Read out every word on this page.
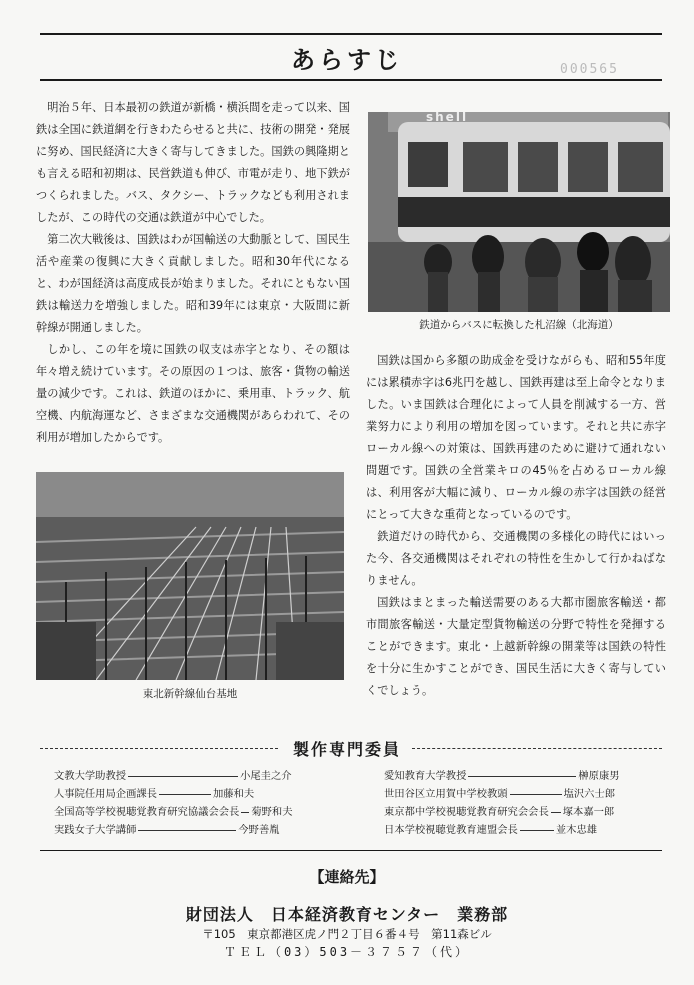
あらすじ	000565

明治５年、日本最初の鉄道が新橋・横浜間を走って以来、国鉄は全国に鉄道網を行きわたらせると共に、技術の開発・発展に努め、国民経済に大きく寄与してきました。国鉄の興隆期とも言える昭和初期は、民営鉄道も伸び、市電が走り、地下鉄がつくられました。バス、タクシー、トラックなども利用されましたが、この時代の交通は鉄道が中心でした。

第二次大戦後は、国鉄はわが国輸送の大動脈として、国民生活や産業の復興に大きく貢献しました。昭和30年代になると、わが国経済は高度成長が始まりました。それにともない国鉄は輸送力を増強しました。昭和39年には東京・大阪間に新幹線が開通しました。

しかし、この年を境に国鉄の収支は赤字となり、その額は年々増え続けています。その原因の１つは、旅客・貨物の輸送量の減少です。これは、鉄道のほかに、乗用車、トラック、航空機、内航海運など、さまざまな交通機関があらわれて、その利用が増加したからです。

shell
鉄道からバスに転換した札沼線（北海道）

国鉄は国から多額の助成金を受けながらも、昭和55年度には累積赤字は6兆円を越し、国鉄再建は至上命令となりました。いま国鉄は合理化によって人員を削減する一方、営業努力により利用の増加を図っています。それと共に赤字ローカル線への対策は、国鉄再建のために避けて通れない問題です。国鉄の全営業キロの45％を占めるローカル線は、利用客が大幅に減り、ローカル線の赤字は国鉄の経営にとって大きな重荷となっているのです。

鉄道だけの時代から、交通機関の多様化の時代にはいった今、各交通機関はそれぞれの特性を生かして行かねばなりません。

国鉄はまとまった輸送需要のある大都市圏旅客輸送・都市間旅客輸送・大量定型貨物輸送の分野で特性を発揮することができます。東北・上越新幹線の開業等は国鉄の特性を十分に生かすことができ、国民生活に大きく寄与していくでしょう。

東北新幹線仙台基地
製作専門委員
文教大学助教授	小尾圭之介
人事院任用局企画課長	加藤和夫
全国高等学校視聴覚教育研究協議会会長 菊野和夫
実践女子大学講師	今野善胤
愛知教育大学教授	榊原康男
世田谷区立用賀中学校教頭	塩沢六士郎
東京都中学校視聴覚教育研究会会長 塚本嘉一郎
日本学校視聴覚教育連盟会長	並木忠雄
【連絡先】
財団法人　日本経済教育センター　業務部
〒105　東京都港区虎ノ門２丁目６番４号　第11森ビル
ＴＥＬ（03）503－３７５７（代）
